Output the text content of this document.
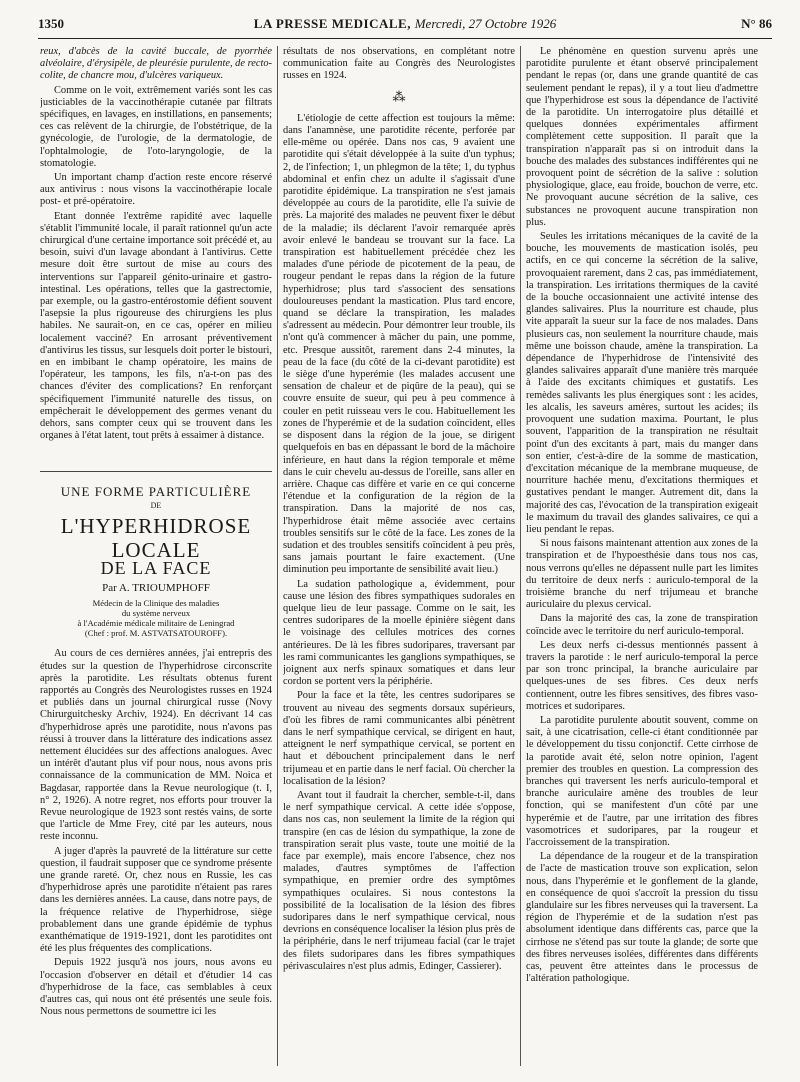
1350	LA PRESSE MEDICALE, Mercredi, 27 Octobre 1926	N° 86

reux, d'abcès de la cavité buccale, de pyorrhée alvéolaire, d'érysipèle, de pleurésie purulente, de recto-colite, de chancre mou, d'ulcères variqueux.

Comme on le voit, extrêmement variés sont les cas justiciables de la vaccinothérapie cutanée par filtrats spécifiques, en lavages, en instillations, en pansements; ces cas relèvent de la chirurgie, de l'obstétrique, de la gynécologie, de l'urologie, de la dermatologie, de l'ophtalmologie, de l'oto-laryngologie, de la stomatologie.

Un important champ d'action reste encore réservé aux antivirus : nous visons la vaccinothérapie locale post- et pré-opératoire.

Etant donnée l'extrême rapidité avec laquelle s'établit l'immunité locale, il paraît rationnel qu'un acte chirurgical d'une certaine importance soit précédé et, au besoin, suivi d'un lavage abondant à l'antivirus. Cette mesure doit être surtout de mise au cours des interventions sur l'appareil génito-urinaire et gastro-intestinal. Les opérations, telles que la gastrectomie, par exemple, ou la gastro-entérostomie défient souvent l'asepsie la plus rigoureuse des chirurgiens les plus habiles. Ne saurait-on, en ce cas, opérer en milieu localement vacciné? En arrosant préventivement d'antivirus les tissus, sur lesquels doit porter le bistouri, en en imbibant le champ opératoire, les mains de l'opérateur, les tampons, les fils, n'a-t-on pas des chances d'éviter des complications? En renforçant spécifiquement l'immunité naturelle des tissus, on empêcherait le développement des germes venant du dehors, sans compter ceux qui se trouvent dans les organes à l'état latent, tout prêts à essaimer à distance.

UNE FORME PARTICULIÈRE
DE
L'HYPERHIDROSE LOCALE
DE LA FACE
Par A. TRIOUMPHOFF
Médecin de la Clinique des maladies
du système nerveux
à l'Académie médicale militaire de Leningrad
(Chef : prof. M. ASTVATSATOUROFF).

Au cours de ces dernières années, j'ai entrepris des études sur la question de l'hyperhidrose circonscrite après la parotidite. Les résultats obtenus furent rapportés au Congrès des Neurologistes russes en 1924 et publiés dans un journal chirurgical russe (Novy Chirurguitchesky Archiv, 1924). En décrivant 14 cas d'hyperhidrose après une parotidite, nous n'avons pas réussi à trouver dans la littérature des indications assez nettement élucidées sur des affections analogues. Avec un intérêt d'autant plus vif pour nous, nous avons pris connaissance de la communication de MM. Noica et Bagdasar, rapportée dans la Revue neurologique (t. I, n° 2, 1926). A notre regret, nos efforts pour trouver la Revue neurologique de 1923 sont restés vains, de sorte que l'article de Mme Frey, cité par les auteurs, nous reste inconnu.

A juger d'après la pauvreté de la littérature sur cette question, il faudrait supposer que ce syndrome présente une grande rareté. Or, chez nous en Russie, les cas d'hyperhidrose après une parotidite n'étaient pas rares dans les dernières années. La cause, dans notre pays, de la fréquence relative de l'hyperhidrose, siège probablement dans une grande épidémie de typhus exanthématique de 1919-1921, dont les parotidites ont été les plus fréquentes des complications.

Depuis 1922 jusqu'à nos jours, nous avons eu l'occasion d'observer en détail et d'étudier 14 cas d'hyperhidrose de la face, cas semblables à ceux d'autres cas, qui nous ont été présentés une seule fois. Nous nous permettons de soumettre ici les

résultats de nos observations, en complétant notre communication faite au Congrès des Neurologistes russes en 1924.

⁂

L'étiologie de cette affection est toujours la même: dans l'anamnèse, une parotidite récente, perforée par elle-même ou opérée. Dans nos cas, 9 avaient une parotidite qui s'était développée à la suite d'un typhus; 2, de l'infection; 1, un phlegmon de la tête; 1, du typhus abdominal et enfin chez un adulte il s'agissait d'une parotidite épidémique. La transpiration ne s'est jamais développée au cours de la parotidite, elle l'a suivie de près. La majorité des malades ne peuvent fixer le début de la maladie; ils déclarent l'avoir remarquée après avoir enlevé le bandeau se trouvant sur la face. La transpiration est habituellement précédée chez les malades d'une période de picotement de la peau, de rougeur pendant le repas dans la région de la future hyperhidrose; plus tard s'associent des sensations douloureuses pendant la mastication. Plus tard encore, quand se déclare la transpiration, les malades s'adressent au médecin. Pour démontrer leur trouble, ils n'ont qu'à commencer à mâcher du pain, une pomme, etc. Presque aussitôt, rarement dans 2-4 minutes, la peau de la face (du côté de la ci-devant parotidite) est le siège d'une hyperémie (les malades accusent une sensation de chaleur et de piqûre de la peau), qui se couvre ensuite de sueur, qui peu à peu commence à couler en petit ruisseau vers le cou. Habituellement les zones de l'hyperémie et de la sudation coïncident, elles se disposent dans la région de la joue, se dirigent quelquefois en bas en dépassant le bord de la mâchoire inférieure, en haut dans la région temporale et même dans le cuir chevelu au-dessus de l'oreille, sans aller en arrière. Chaque cas diffère et varie en ce qui concerne l'étendue et la configuration de la région de la transpiration. Dans la majorité de nos cas, l'hyperhidrose était même associée avec certains troubles sensitifs sur le côté de la face. Les zones de la sudation et des troubles sensitifs coïncident à peu près, sans jamais pourtant le faire exactement. (Une diminution peu importante de sensibilité avait lieu.)

La sudation pathologique a, évidemment, pour cause une lésion des fibres sympathiques sudorales en quelque lieu de leur passage. Comme on le sait, les centres sudoripares de la moelle épinière siègent dans le voisinage des cellules motrices des cornes antérieures. De là les fibres sudoripares, traversant par les rami communicantes les ganglions sympathiques, se joignent aux nerfs spinaux somatiques et dans leur cordon se portent vers la périphérie.

Pour la face et la tête, les centres sudoripares se trouvent au niveau des segments dorsaux supérieurs, d'où les fibres de rami communicantes albi pénètrent dans le nerf sympathique cervical, se dirigent en haut, atteignent le nerf sympathique cervical, se portent en haut et débouchent principalement dans le nerf trijumeau et en partie dans le nerf facial. Où chercher la localisation de la lésion?

Avant tout il faudrait la chercher, semble-t-il, dans le nerf sympathique cervical. A cette idée s'oppose, dans nos cas, non seulement la limite de la région qui transpire (en cas de lésion du sympathique, la zone de transpiration serait plus vaste, toute une moitié de la face par exemple), mais encore l'absence, chez nos malades, d'autres symptômes de l'affection sympathique, en premier ordre des symptômes sympathiques oculaires. Si nous contestons la possibilité de la localisation de la lésion des fibres sudoripares dans le nerf sympathique cervical, nous devrions en conséquence localiser la lésion plus près de la périphérie, dans le nerf trijumeau facial (car le trajet des filets sudoripares dans les fibres sympathiques périvasculaires n'est plus admis, Edinger, Cassierer).

Le phénomène en question survenu après une parotidite purulente et étant observé principalement pendant le repas (or, dans une grande quantité de cas seulement pendant le repas), il y a tout lieu d'admettre que l'hyperhidrose est sous la dépendance de l'activité de la parotidite. Un interrogatoire plus détaillé et quelques données expérimentales affirment complètement cette supposition. Il paraît que la transpiration n'apparaît pas si on introduit dans la bouche des malades des substances indifférentes qui ne provoquent point de sécrétion de la salive : solution physiologique, glace, eau froide, bouchon de verre, etc. Ne provoquant aucune sécrétion de la salive, ces substances ne provoquent aucune transpiration non plus.

Seules les irritations mécaniques de la cavité de la bouche, les mouvements de mastication isolés, peu actifs, en ce qui concerne la sécrétion de la salive, provoquaient rarement, dans 2 cas, pas immédiatement, la transpiration. Les irritations thermiques de la cavité de la bouche occasionnaient une activité intense des glandes salivaires. Plus la nourriture est chaude, plus vite apparaît la sueur sur la face de nos malades. Dans plusieurs cas, non seulement la nourriture chaude, mais même une boisson chaude, amène la transpiration. La dépendance de l'hyperhidrose de l'intensivité des glandes salivaires apparaît d'une manière très marquée à l'aide des excitants chimiques et gustatifs. Les remèdes salivants les plus énergiques sont : les acides, les alcalis, les saveurs amères, surtout les acides; ils provoquent une sudation maxima. Pourtant, le plus souvent, l'apparition de la transpiration ne résultait point d'un des excitants à part, mais du manger dans son entier, c'est-à-dire de la somme de mastication, d'excitation mécanique de la membrane muqueuse, de nourriture hachée menu, d'excitations thermiques et gustatives pendant le manger. Autrement dit, dans la majorité des cas, l'évocation de la transpiration exigeait le maximum du travail des glandes salivaires, ce qui a lieu pendant le repas.

Si nous faisons maintenant attention aux zones de la transpiration et de l'hypoesthésie dans tous nos cas, nous verrons qu'elles ne dépassent nulle part les limites du territoire de deux nerfs : auriculo-temporal de la troisième branche du nerf trijumeau et branche auriculaire du plexus cervical.

Dans la majorité des cas, la zone de transpiration coïncide avec le territoire du nerf auriculo-temporal.

Les deux nerfs ci-dessus mentionnés passent à travers la parotide : le nerf auriculo-temporal la perce par son tronc principal, la branche auriculaire par quelques-unes de ses fibres. Ces deux nerfs contiennent, outre les fibres sensitives, des fibres vaso-motrices et sudoripares.

La parotidite purulente aboutit souvent, comme on sait, à une cicatrisation, celle-ci étant conditionnée par le développement du tissu conjonctif. Cette cirrhose de la parotide avait été, selon notre opinion, l'agent premier des troubles en question. La compression des branches qui traversent les nerfs auriculo-temporal et branche auriculaire amène des troubles de leur fonction, qui se manifestent d'un côté par une hyperémie et de l'autre, par une irritation des fibres vasomotrices et sudoripares, par la rougeur et l'accroissement de la transpiration.

La dépendance de la rougeur et de la transpiration de l'acte de mastication trouve son explication, selon nous, dans l'hyperémie et le gonflement de la glande, en conséquence de quoi s'accroît la pression du tissu glandulaire sur les fibres nerveuses qui la traversent. La région de l'hyperémie et de la sudation n'est pas absolument identique dans différents cas, parce que la cirrhose ne s'étend pas sur toute la glande; de sorte que des fibres nerveuses isolées, différentes dans différents cas, peuvent être atteintes dans le processus de l'altération pathologique.
